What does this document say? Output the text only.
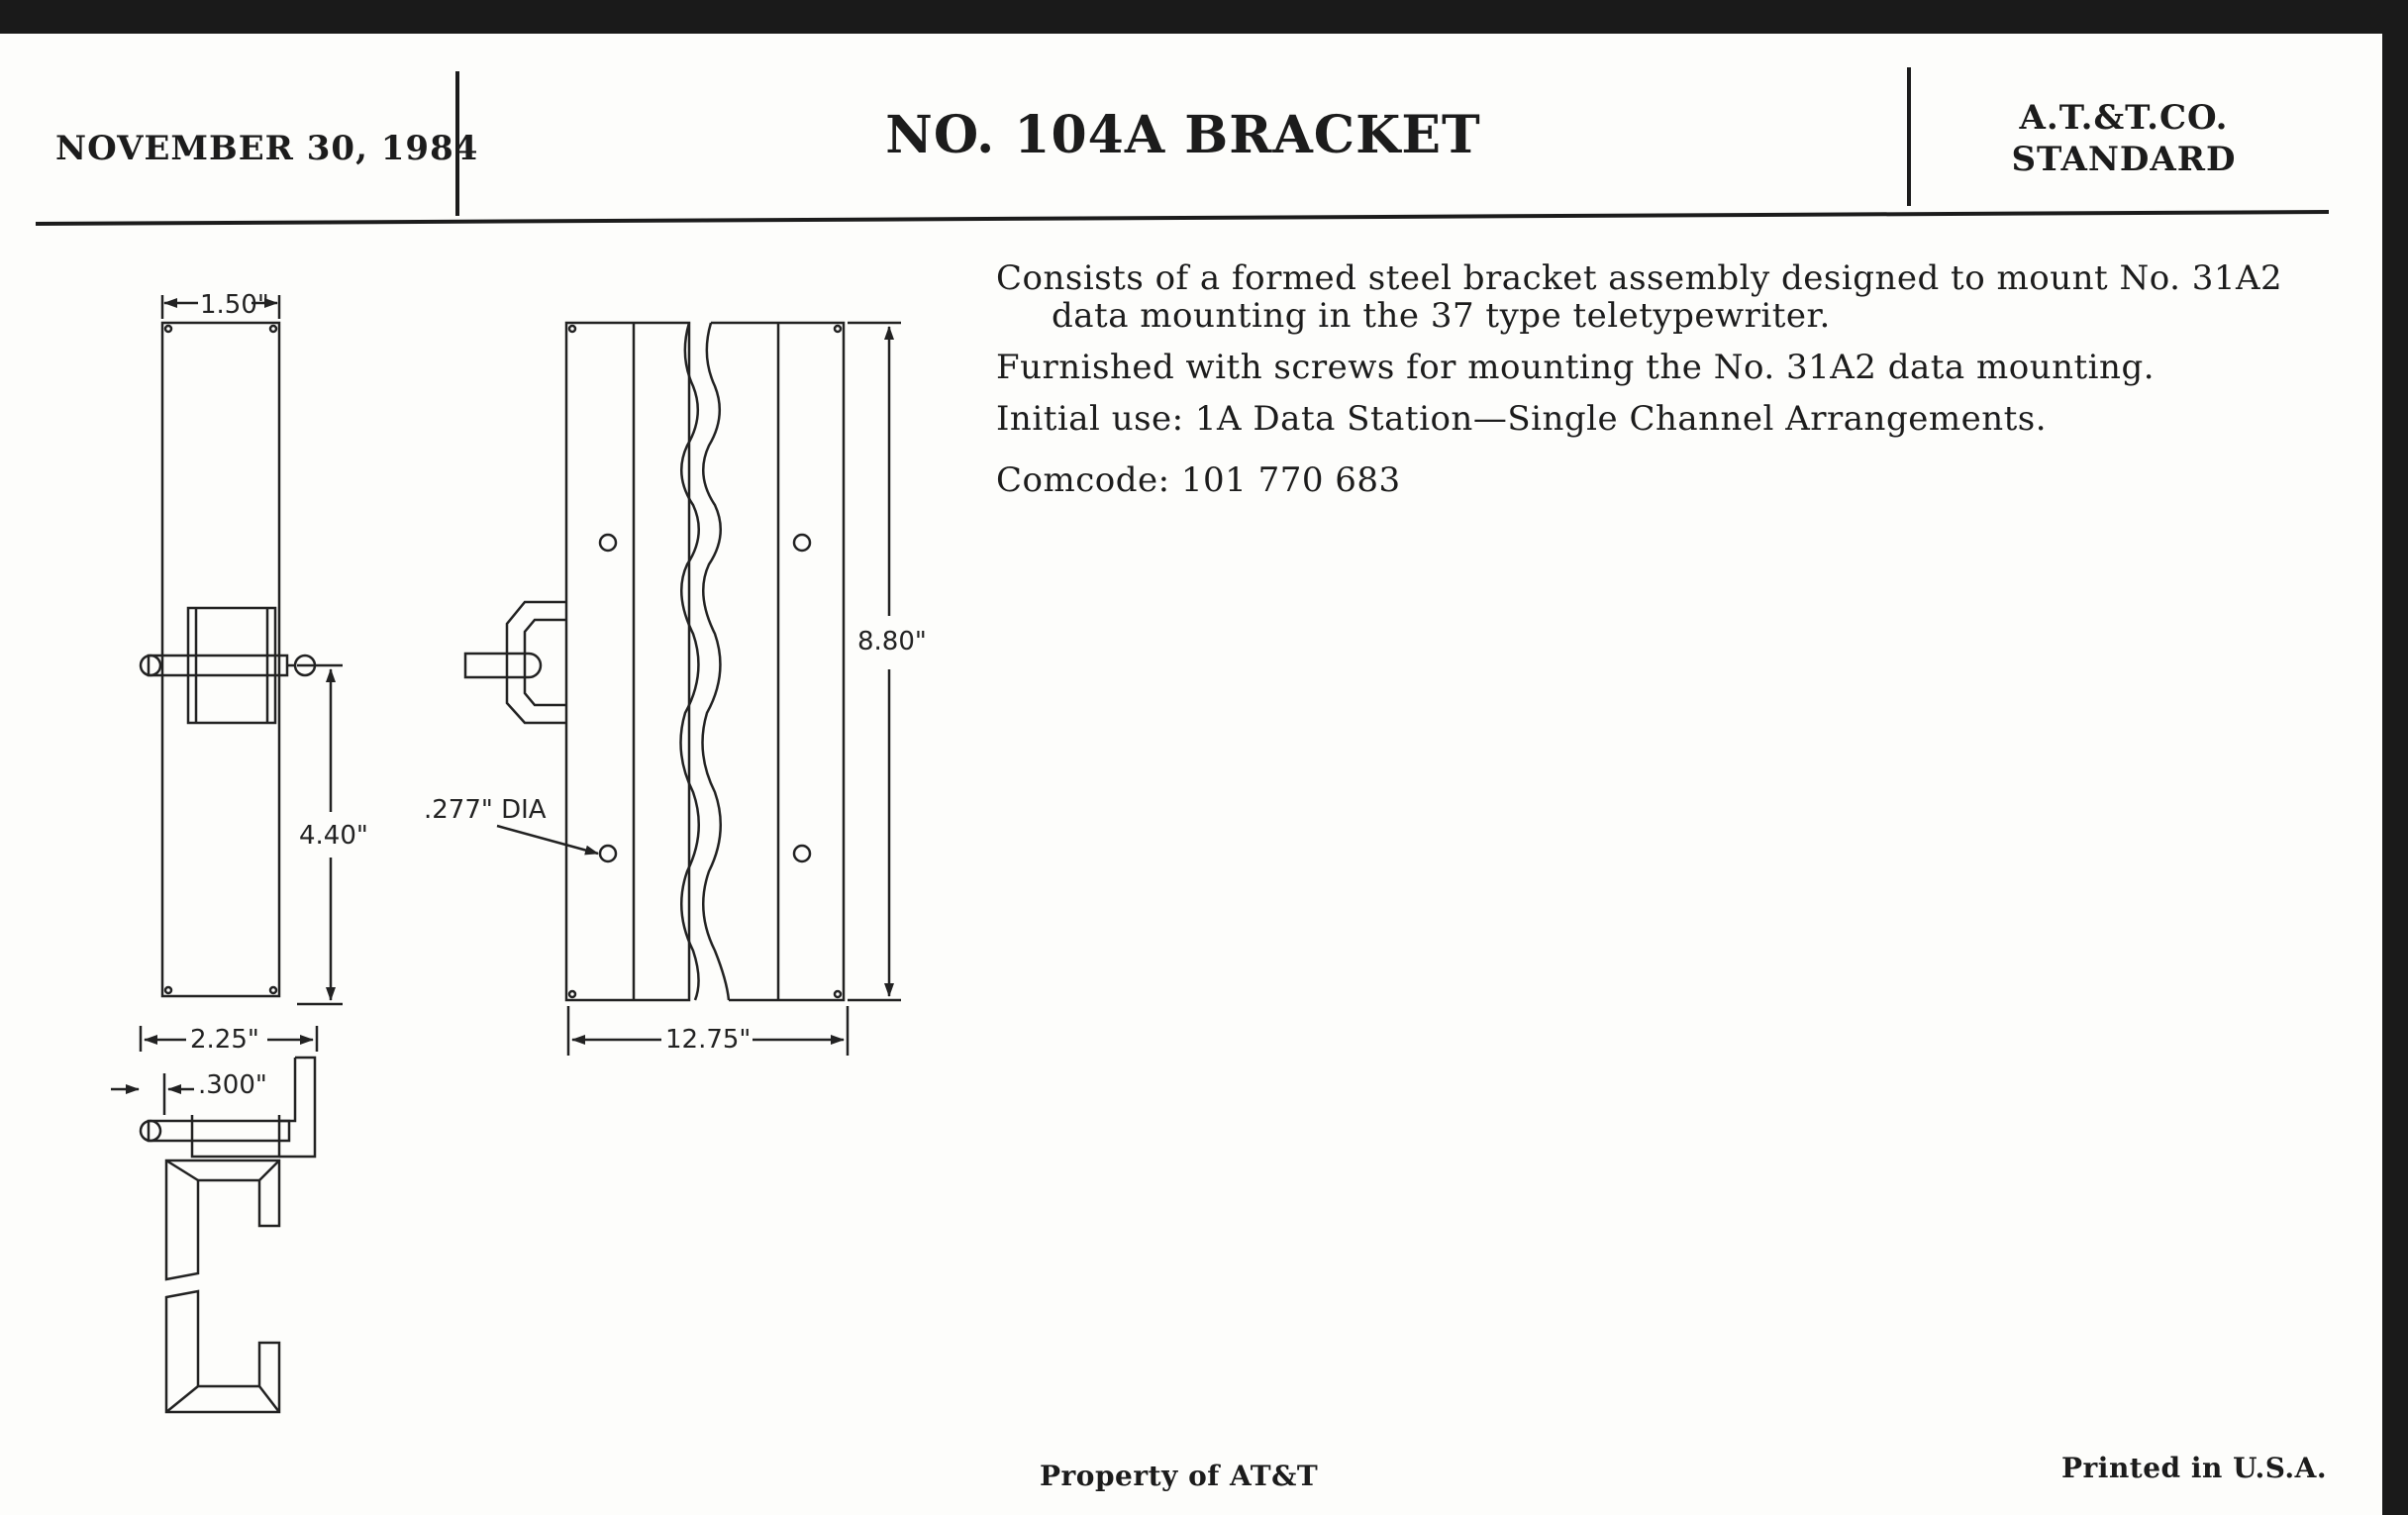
1.50"
4.40"
2.25"
.300"
.277" DIA
8.80"
12.75"
NOVEMBER 30, 1984	NO. 104A BRACKET	A.T.&T.CO.
STANDARD

Consists of a formed steel bracket assembly designed to mount No. 31A2 data mounting in the 37 type teletypewriter.

Furnished with screws for mounting the No. 31A2 data mounting.

Initial use: 1A Data Station—Single Channel Arrangements.

Comcode: 101 770 683

Property of AT&T	Printed in U.S.A.
